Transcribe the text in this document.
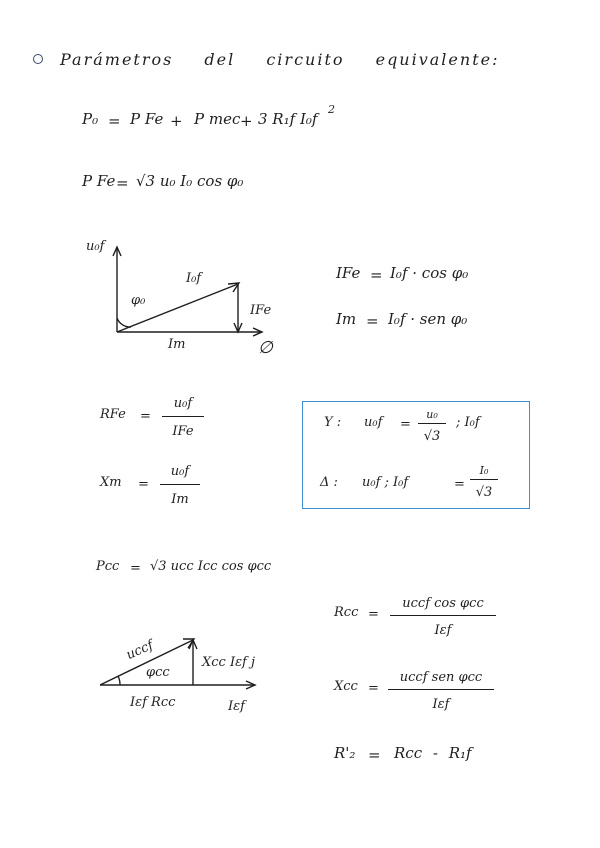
Parámetros del circuito equivalente:
P₀ = P Fe + P mec + 3 R₁f I₀f
2
P Fe = √3 u₀ I₀ cos φ₀
u₀f
I₀f
φ₀
IFe
Im	∅
IFe = I₀f · cos φ₀
Im = I₀f · sen φ₀
RFe =
u₀f
IFe
Xm =
u₀f
Im
Y : u₀f =
u₀
√3
; I₀f
Δ : u₀f ; I₀f	=
I₀
√3
Pcc = √3 ucc Icc cos φcc
uccf
φcc
Xcc Iεf j
Iεf Rcc	Iεf
Rcc =
uccf cos φcc
Iεf
Xcc =
uccf sen φcc
Iεf
R'₂ = Rcc - R₁f
